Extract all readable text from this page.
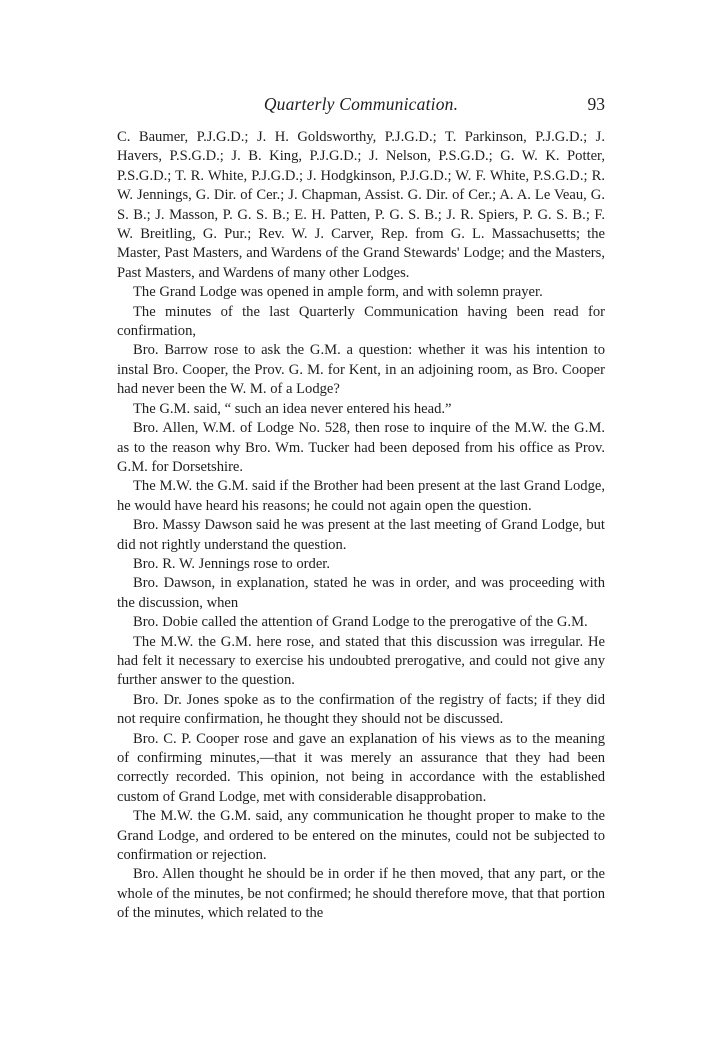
Quarterly Communication.	93

C. Baumer, P.J.G.D.; J. H. Goldsworthy, P.J.G.D.; T. Parkinson, P.J.G.D.; J. Havers, P.S.G.D.; J. B. King, P.J.G.D.; J. Nelson, P.S.G.D.; G. W. K. Potter, P.S.G.D.; T. R. White, P.J.G.D.; J. Hodgkinson, P.J.G.D.; W. F. White, P.S.G.D.; R. W. Jennings, G. Dir. of Cer.; J. Chapman, Assist. G. Dir. of Cer.; A. A. Le Veau, G. S. B.; J. Masson, P. G. S. B.; E. H. Patten, P. G. S. B.; J. R. Spiers, P. G. S. B.; F. W. Breitling, G. Pur.; Rev. W. J. Carver, Rep. from G. L. Massachusetts; the Master, Past Masters, and Wardens of the Grand Stewards' Lodge; and the Masters, Past Masters, and Wardens of many other Lodges.

The Grand Lodge was opened in ample form, and with solemn prayer.

The minutes of the last Quarterly Communication having been read for confirmation,

Bro. Barrow rose to ask the G.M. a question: whether it was his intention to instal Bro. Cooper, the Prov. G. M. for Kent, in an adjoining room, as Bro. Cooper had never been the W. M. of a Lodge?

The G.M. said, “ such an idea never entered his head.”

Bro. Allen, W.M. of Lodge No. 528, then rose to inquire of the M.W. the G.M. as to the reason why Bro. Wm. Tucker had been deposed from his office as Prov. G.M. for Dorsetshire.

The M.W. the G.M. said if the Brother had been present at the last Grand Lodge, he would have heard his reasons; he could not again open the question.

Bro. Massy Dawson said he was present at the last meeting of Grand Lodge, but did not rightly understand the question.

Bro. R. W. Jennings rose to order.

Bro. Dawson, in explanation, stated he was in order, and was proceeding with the discussion, when

Bro. Dobie called the attention of Grand Lodge to the prerogative of the G.M.

The M.W. the G.M. here rose, and stated that this discussion was irregular. He had felt it necessary to exercise his undoubted prerogative, and could not give any further answer to the question.

Bro. Dr. Jones spoke as to the confirmation of the registry of facts; if they did not require confirmation, he thought they should not be discussed.

Bro. C. P. Cooper rose and gave an explanation of his views as to the meaning of confirming minutes,—that it was merely an assurance that they had been correctly recorded. This opinion, not being in accordance with the established custom of Grand Lodge, met with considerable disapprobation.

The M.W. the G.M. said, any communication he thought proper to make to the Grand Lodge, and ordered to be entered on the minutes, could not be subjected to confirmation or rejection.

Bro. Allen thought he should be in order if he then moved, that any part, or the whole of the minutes, be not confirmed; he should therefore move, that that portion of the minutes, which related to the
